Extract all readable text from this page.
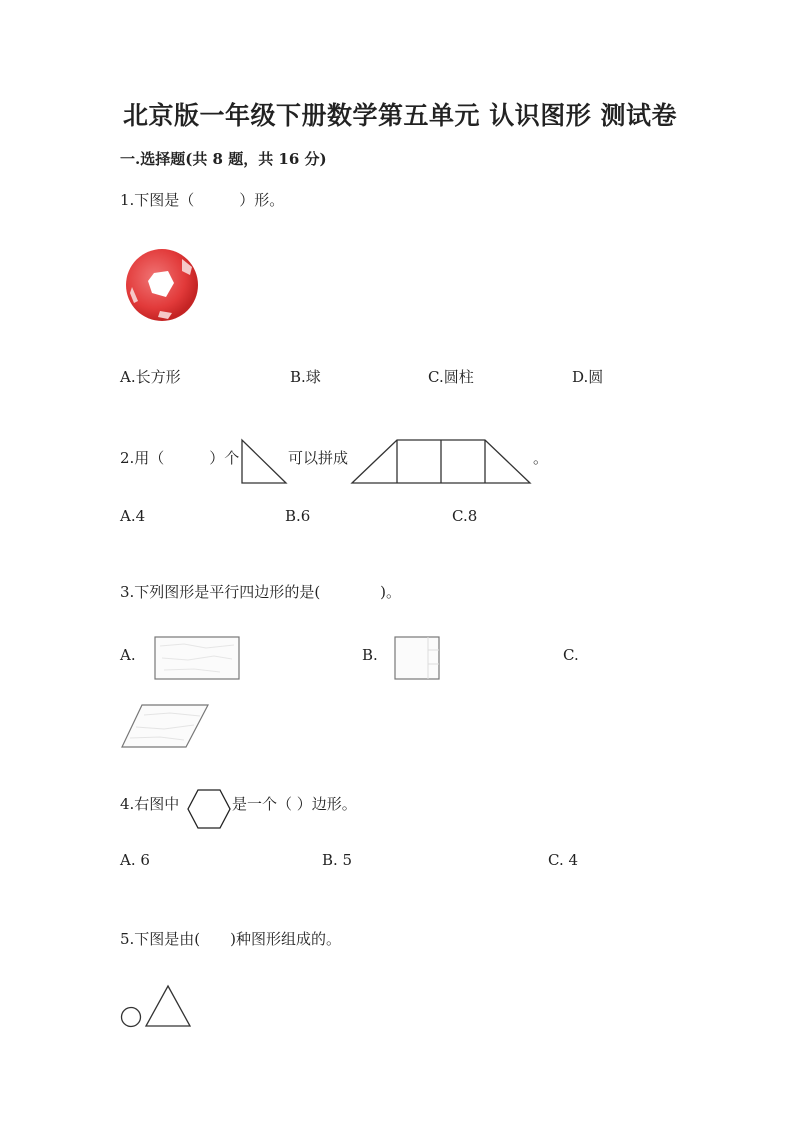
北京版一年级下册数学第五单元 认识图形 测试卷
一.选择题(共 8 题，共 16 分)
1.下图是（　　　）形。
A.长方形	B.球	C.圆柱	D.圆
2.用（　　　）个	可以拼成	。
A.4	B.6	C.8
3.下列图形是平行四边形的是(　　　　)。
A.	B.	C.
4.右图中	是一个（ ）边形。
A. 6	B. 5	C. 4
5.下图是由(　　)种图形组成的。
